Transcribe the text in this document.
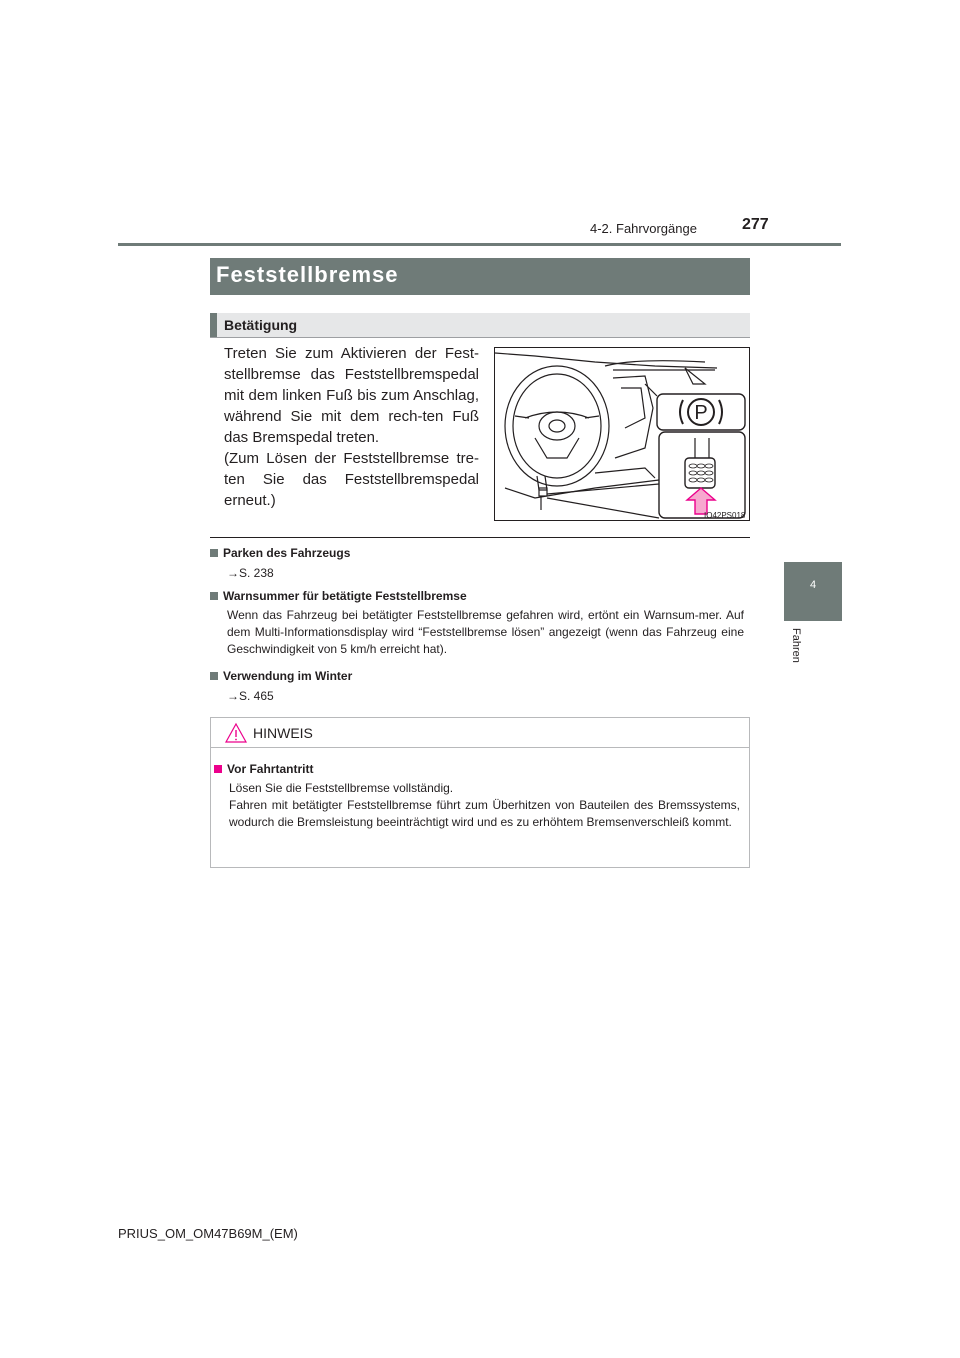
4-2. Fahrvorgänge	277
4
Fahren
Feststellbremse
Betätigung

Treten Sie zum Aktivieren der Fest-stellbremse das Feststellbremspedal mit dem linken Fuß bis zum Anschlag, während Sie mit dem rech-ten Fuß das Bremspedal treten.

(Zum Lösen der Feststellbremse tre-ten Sie das Feststellbremspedal erneut.)

P
IO42PS018
Parken des Fahrzeugs
→S. 238
Warnsummer für betätigte Feststellbremse
Wenn das Fahrzeug bei betätigter Feststellbremse gefahren wird, ertönt ein Warnsum-mer. Auf dem Multi-Informationsdisplay wird “Feststellbremse lösen” angezeigt (wenn das Fahrzeug eine Geschwindigkeit von 5 km/h erreicht hat).
Verwendung im Winter
→S. 465
HINWEIS
Vor Fahrtantritt
Lösen Sie die Feststellbremse vollständig.
Fahren mit betätigter Feststellbremse führt zum Überhitzen von Bauteilen des Bremssystems, wodurch die Bremsleistung beeinträchtigt wird und es zu erhöhtem Bremsenverschleiß kommt.
PRIUS_OM_OM47B69M_(EM)
